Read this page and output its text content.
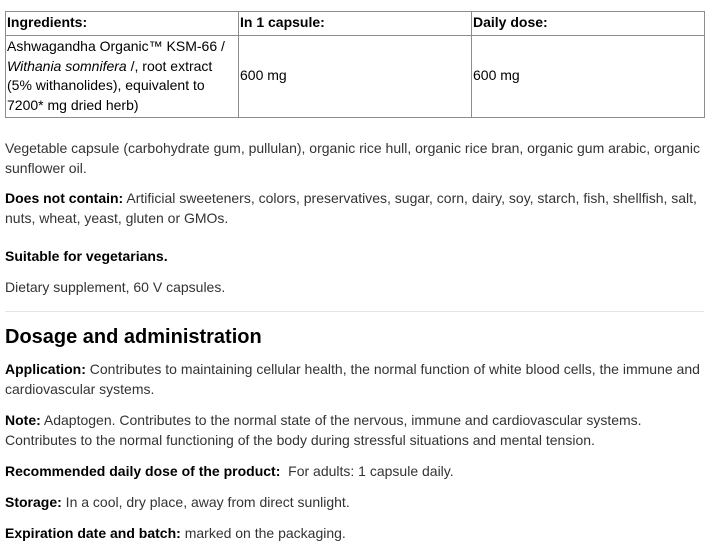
Ingredients:	In 1 capsule:	Daily dose:
Ashwagandha Organic™ KSM-66 / Withania somnifera /, root extract (5% withanolides), equivalent to 7200* mg dried herb)	600 mg	600 mg

Vegetable capsule (carbohydrate gum, pullulan), organic rice hull, organic rice bran, organic gum arabic, organic sunflower oil.

Does not contain: Artificial sweeteners, colors, preservatives, sugar, corn, dairy, soy, starch, fish, shellfish, salt, nuts, wheat, yeast, gluten or GMOs.

Suitable for vegetarians.

Dietary supplement, 60 V capsules.

Dosage and administration

Application: Contributes to maintaining cellular health, the normal function of white blood cells, the immune and cardiovascular systems.

Note: Adaptogen. Contributes to the normal state of the nervous, immune and cardiovascular systems.
Contributes to the normal functioning of the body during stressful situations and mental tension.

Recommended daily dose of the product:  For adults: 1 capsule daily.

Storage: In a cool, dry place, away from direct sunlight.

Expiration date and batch: marked on the packaging.
